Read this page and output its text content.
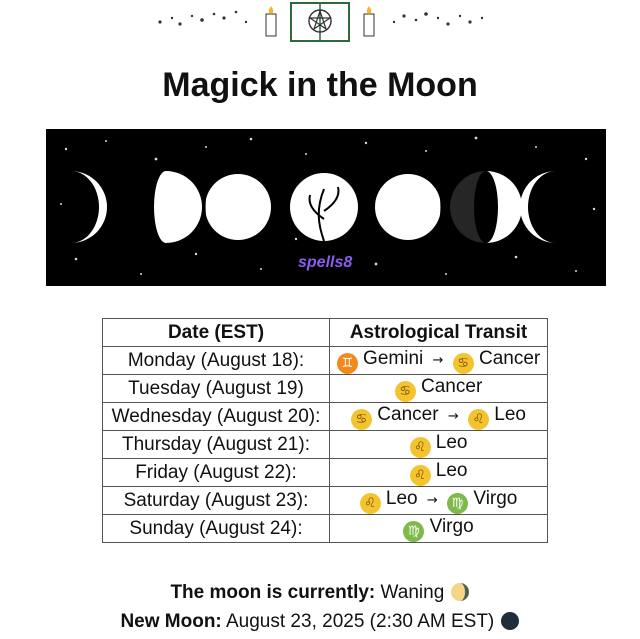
Magick in the Moon
spells8
Date (EST)	Astrological Transit
Monday (August 18):	♊ Gemini → ♋ Cancer
Tuesday (August 19)	♋ Cancer
Wednesday (August 20):	♋ Cancer → ♌ Leo
Thursday (August 21):	♌ Leo
Friday (August 22):	♌ Leo
Saturday (August 23):	♌ Leo → ♍ Virgo
Sunday (August 24):	♍ Virgo
The moon is currently: Waning
New Moon: August 23, 2025 (2:30 AM EST)
